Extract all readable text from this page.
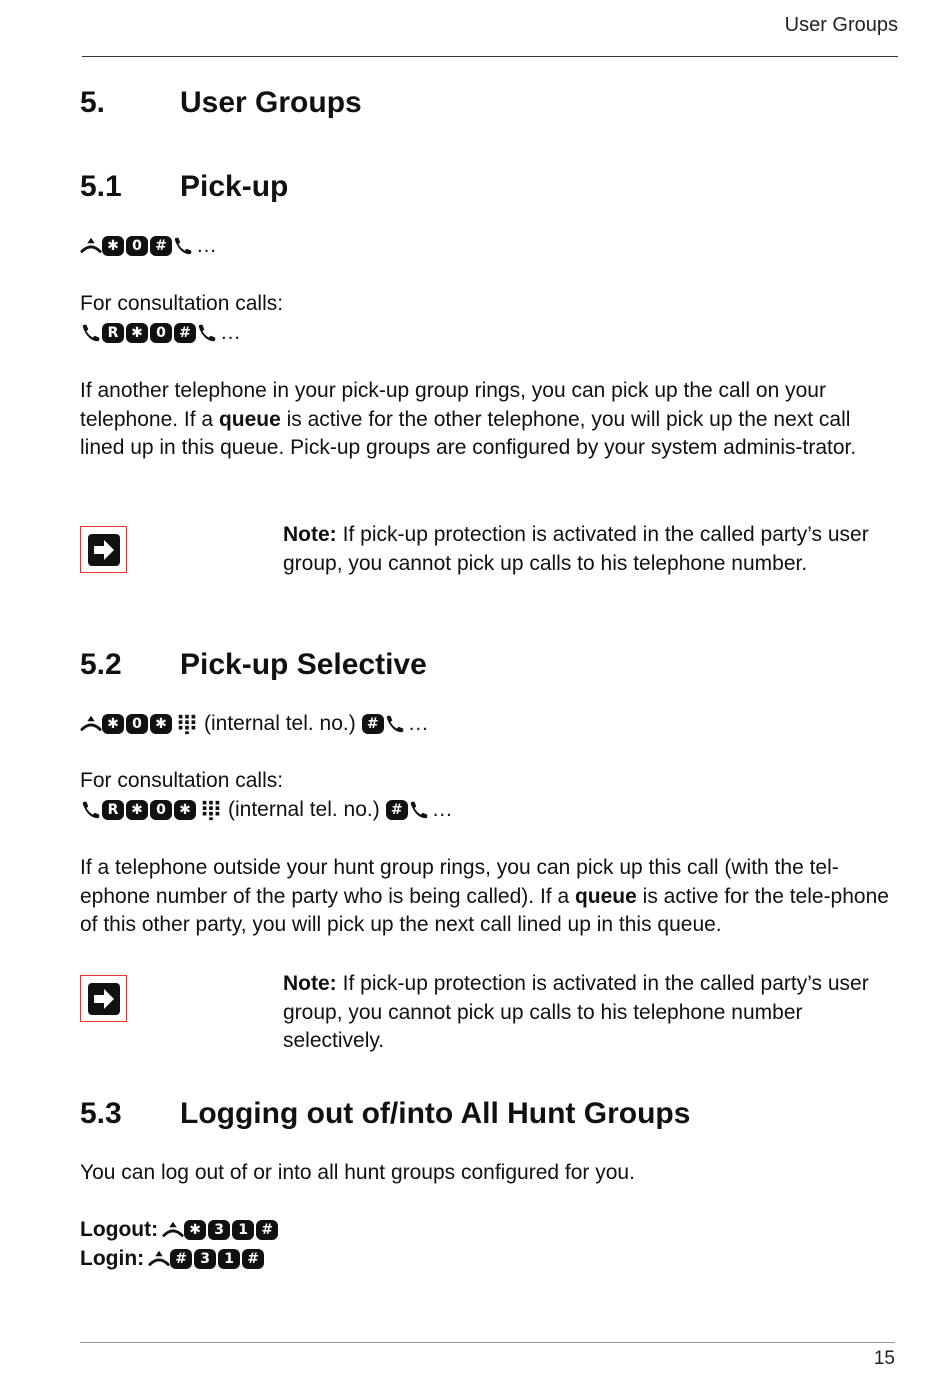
User Groups
5. User Groups
5.1 Pick-up
✱ 0 # …
For consultation calls:
R ✱ 0 # …
If another telephone in your pick-up group rings, you can pick up the call on your telephone. If a queue is active for the other telephone, you will pick up the next call lined up in this queue. Pick-up groups are configured by your system adminis-trator.
Note: If pick-up protection is activated in the called party’s user group, you cannot pick up calls to his telephone number.
5.2 Pick-up Selective
✱ 0 ✱ (internal tel. no.) # …
For consultation calls:
R ✱ 0 ✱ (internal tel. no.) # …
If a telephone outside your hunt group rings, you can pick up this call (with the tel-ephone number of the party who is being called). If a queue is active for the tele-phone of this other party, you will pick up the next call lined up in this queue.
Note: If pick-up protection is activated in the called party’s user group, you cannot pick up calls to his telephone number selectively.
5.3 Logging out of/into All Hunt Groups
You can log out of or into all hunt groups configured for you.
Logout:	✱ 3	1 #
Login:	# 3	1 #
15
